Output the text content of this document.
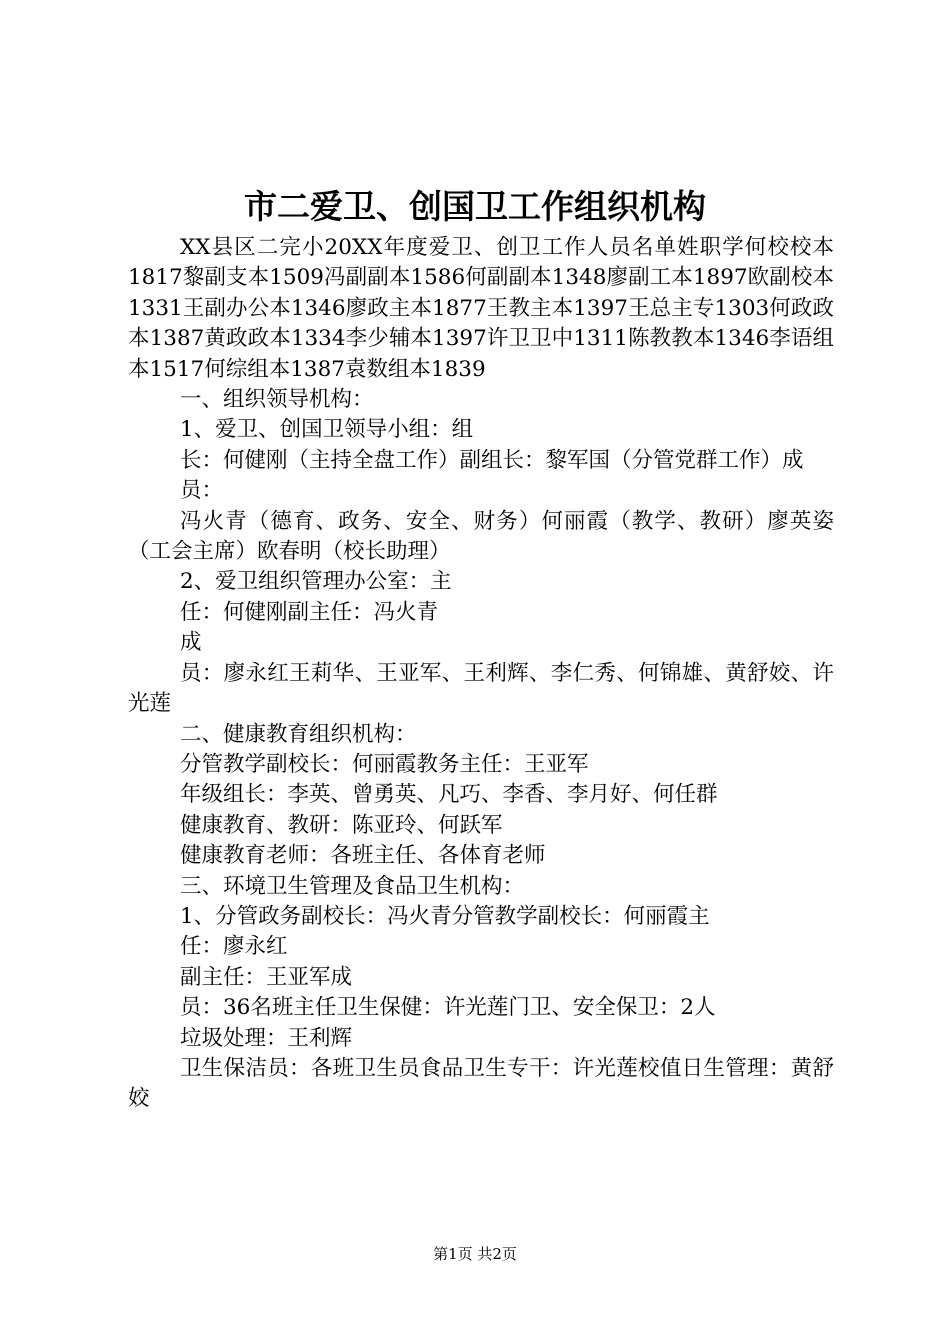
市二爱卫、创国卫工作组织机构

XX县区二完小20XX年度爱卫、创卫工作人员名单姓职学何校校本1817黎副支本1509冯副副本1586何副副本1348廖副工本1897欧副校本1331王副办公本1346廖政主本1877王教主本1397王总主专1303何政政本1387黄政政本1334李少辅本1397许卫卫中1311陈教教本1346李语组本1517何综组本1387袁数组本1839

一、组织领导机构：

1、爱卫、创国卫领导小组：组

长：何健刚（主持全盘工作）副组长：黎军国（分管党群工作）成

员：

冯火青（德育、政务、安全、财务）何丽霞（教学、教研）廖英姿（工会主席）欧春明（校长助理）

2、爱卫组织管理办公室：主

任：何健刚副主任：冯火青

成

员：廖永红王莉华、王亚军、王利辉、李仁秀、何锦雄、黄舒姣、许光莲

二、健康教育组织机构：

分管教学副校长：何丽霞教务主任：王亚军

年级组长：李英、曾勇英、凡巧、李香、李月好、何任群

健康教育、教研：陈亚玲、何跃军

健康教育老师：各班主任、各体育老师

三、环境卫生管理及食品卫生机构：

1、分管政务副校长：冯火青分管教学副校长：何丽霞主

任：廖永红

副主任：王亚军成

员：36名班主任卫生保健：许光莲门卫、安全保卫：2人

垃圾处理：王利辉

卫生保洁员：各班卫生员食品卫生专干：许光莲校值日生管理：黄舒姣

第1页 共2页
